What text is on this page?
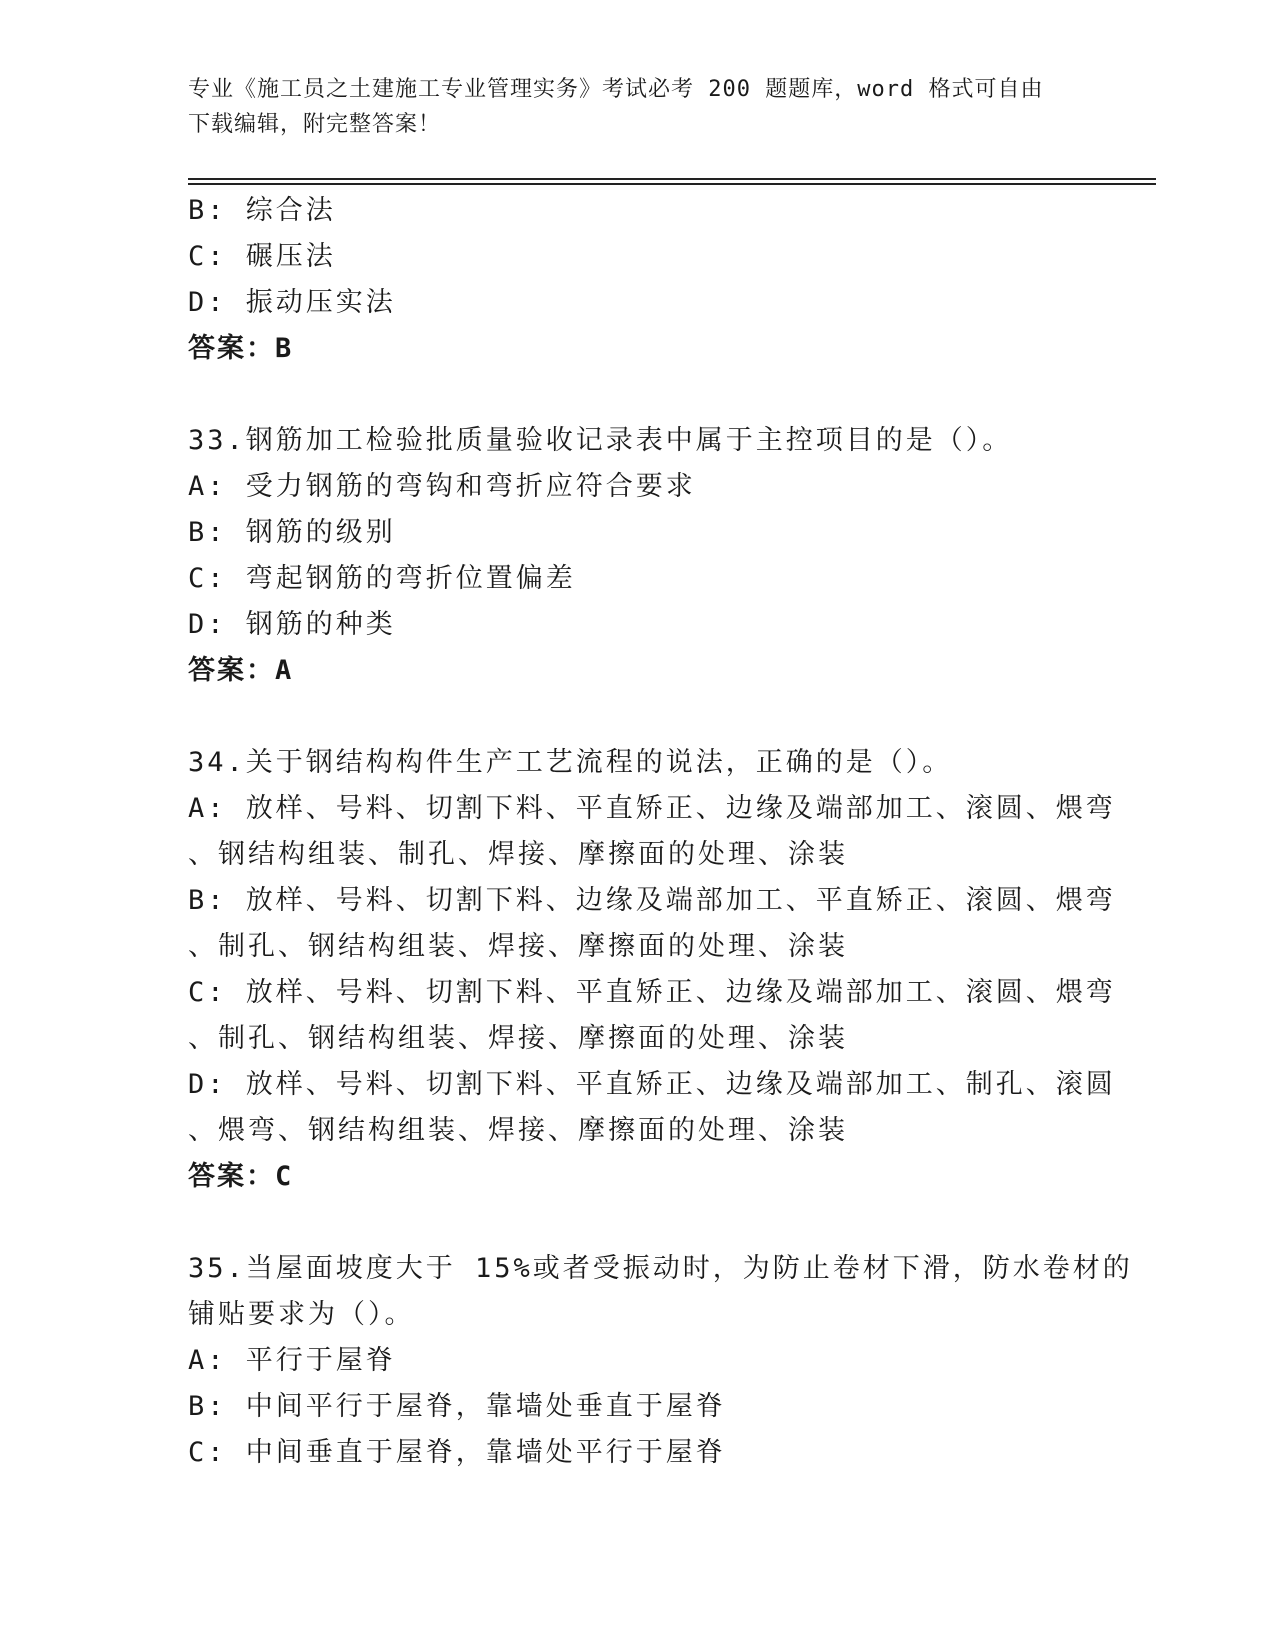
专业《施工员之土建施工专业管理实务》考试必考 200 题题库，word 格式可自由
下载编辑，附完整答案！
B: 综合法
C: 碾压法
D: 振动压实法
答案：B
33.钢筋加工检验批质量验收记录表中属于主控项目的是（）。
A: 受力钢筋的弯钩和弯折应符合要求
B: 钢筋的级别
C: 弯起钢筋的弯折位置偏差
D: 钢筋的种类
答案：A
34.关于钢结构构件生产工艺流程的说法，正确的是（）。
A: 放样、号料、切割下料、平直矫正、边缘及端部加工、滚圆、煨弯
、钢结构组装、制孔、焊接、摩擦面的处理、涂装
B: 放样、号料、切割下料、边缘及端部加工、平直矫正、滚圆、煨弯
、制孔、钢结构组装、焊接、摩擦面的处理、涂装
C: 放样、号料、切割下料、平直矫正、边缘及端部加工、滚圆、煨弯
、制孔、钢结构组装、焊接、摩擦面的处理、涂装
D: 放样、号料、切割下料、平直矫正、边缘及端部加工、制孔、滚圆
、煨弯、钢结构组装、焊接、摩擦面的处理、涂装
答案：C
35.当屋面坡度大于 15%或者受振动时，为防止卷材下滑，防水卷材的
铺贴要求为（）。
A: 平行于屋脊
B: 中间平行于屋脊，靠墙处垂直于屋脊
C: 中间垂直于屋脊，靠墙处平行于屋脊
